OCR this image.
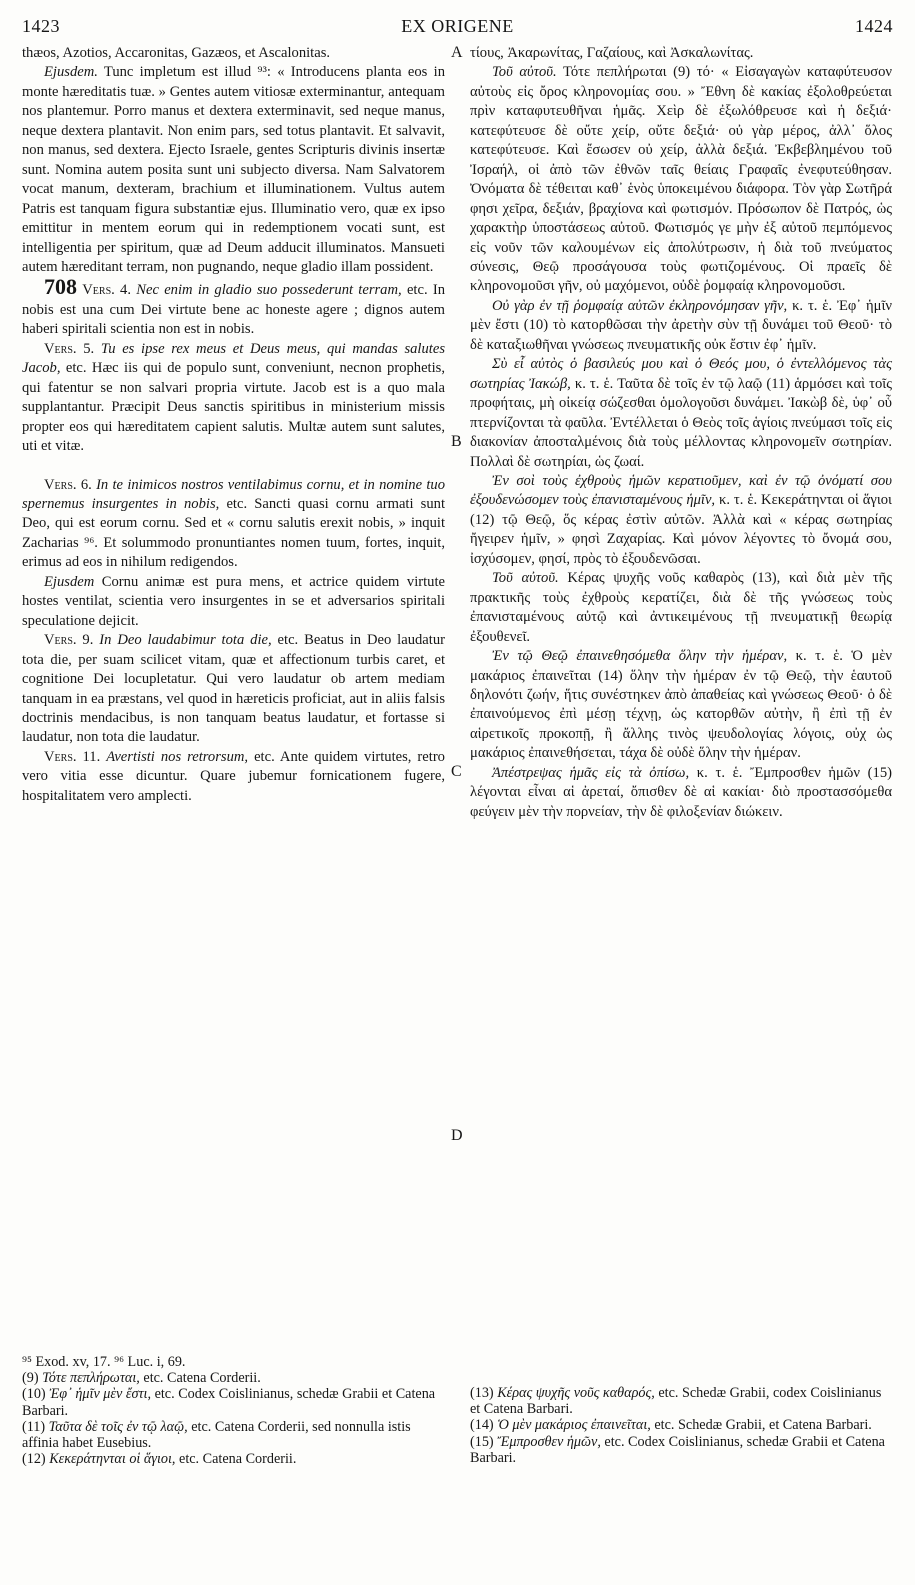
1423	EX ORIGENE	1424
A
B
C
D

thæos, Azotios, Accaronitas, Gazæos, et Ascalonitas.

Ejusdem. Tunc impletum est illud ⁹³: « Introducens planta eos in monte hæreditatis tuæ. » Gentes autem vitiosæ exterminantur, antequam nos plantemur. Porro manus et dextera exterminavit, sed neque manus, neque dextera plantavit. Non enim pars, sed totus plantavit. Et salvavit, non manus, sed dextera. Ejecto Israele, gentes Scripturis divinis insertæ sunt. Nomina autem posita sunt uni subjecto diversa. Nam Salvatorem vocat manum, dexteram, brachium et illuminationem. Vultus autem Patris est tanquam figura substantiæ ejus. Illuminatio vero, quæ ex ipso emittitur in mentem eorum qui in redemptionem vocati sunt, est intelligentia per spiritum, quæ ad Deum adducit illuminatos. Mansueti autem hæreditant terram, non pugnando, neque gladio illam possident.

708 Vers. 4. Nec enim in gladio suo possederunt terram, etc. In nobis est una cum Dei virtute bene ac honeste agere ; dignos autem haberi spiritali scientia non est in nobis.

Vers. 5. Tu es ipse rex meus et Deus meus, qui mandas salutes Jacob, etc. Hæc iis qui de populo sunt, conveniunt, necnon prophetis, qui fatentur se non salvari propria virtute. Jacob est is a quo mala supplantantur. Præcipit Deus sanctis spiritibus in ministerium missis propter eos qui hæreditatem capient salutis. Multæ autem sunt salutes, uti et vitæ.

Vers. 6. In te inimicos nostros ventilabimus cornu, et in nomine tuo spernemus insurgentes in nobis, etc. Sancti quasi cornu armati sunt Deo, qui est eorum cornu. Sed et « cornu salutis erexit nobis, » inquit Zacharias ⁹⁶. Et solummodo pronuntiantes nomen tuum, fortes, inquit, erimus ad eos in nihilum redigendos.

Ejusdem Cornu animæ est pura mens, et actrice quidem virtute hostes ventilat, scientia vero insurgentes in se et adversarios spiritali speculatione dejicit.

Vers. 9. In Deo laudabimur tota die, etc. Beatus in Deo laudatur tota die, per suam scilicet vitam, quæ et affectionum turbis caret, et cognitione Dei locupletatur. Qui vero laudatur ob artem mediam tanquam in ea præstans, vel quod in hæreticis proficiat, aut in aliis falsis doctrinis mendacibus, is non tanquam beatus laudatur, et fortasse si laudatur, non tota die laudatur.

Vers. 11. Avertisti nos retrorsum, etc. Ante quidem virtutes, retro vero vitia esse dicuntur. Quare jubemur fornicationem fugere, hospitalitatem vero amplecti.

⁹⁵ Exod. xv, 17. ⁹⁶ Luc. i, 69.

(9) Τότε πεπλήρωται, etc. Catena Corderii.

(10) Ἐφ᾽ ἡμῖν μὲν ἔστι, etc. Codex Coislinianus, schedæ Grabii et Catena Barbari.

(11) Ταῦτα δὲ τοῖς ἐν τῷ λαῷ, etc. Catena Corderii, sed nonnulla istis affinia habet Eusebius.

(12) Κεκεράτηνται οἱ ἅγιοι, etc. Catena Corderii.

τίους, Ἀκαρωνίτας, Γαζαίους, καὶ Ἀσκαλωνίτας.

Τοῦ αὐτοῦ. Τότε πεπλήρωται (9) τό· « Εἰσαγαγὼν καταφύτευσον αὐτοὺς εἰς ὄρος κληρονομίας σου. » Ἔθνη δὲ κακίας ἐξολοθρεύεται πρὶν καταφυτευθῆναι ἡμᾶς. Χεὶρ δὲ ἐξωλόθρευσε καὶ ἡ δεξιά· κατεφύτευσε δὲ οὔτε χείρ, οὔτε δεξιά· οὐ γὰρ μέρος, ἀλλ᾽ ὅλος κατεφύτευσε. Καὶ ἔσωσεν οὐ χείρ, ἀλλὰ δεξιά. Ἐκβεβλημένου τοῦ Ἰσραήλ, οἱ ἀπὸ τῶν ἐθνῶν ταῖς θείαις Γραφαῖς ἐνεφυτεύθησαν. Ὀνόματα δὲ τέθειται καθ᾽ ἑνὸς ὑποκειμένου διάφορα. Τὸν γὰρ Σωτῆρά φησι χεῖρα, δεξιάν, βραχίονα καὶ φωτισμόν. Πρόσωπον δὲ Πατρός, ὡς χαρακτὴρ ὑποστάσεως αὐτοῦ. Φωτισμός γε μὴν ἐξ αὐτοῦ πεμπόμενος εἰς νοῦν τῶν καλουμένων εἰς ἀπολύτρωσιν, ἡ διὰ τοῦ πνεύματος σύνεσις, Θεῷ προσάγουσα τοὺς φωτιζομένους. Οἱ πραεῖς δὲ κληρονομοῦσι γῆν, οὐ μαχόμενοι, οὐδὲ ῥομφαίᾳ κληρονομοῦσι.

Οὐ γὰρ ἐν τῇ ῥομφαίᾳ αὐτῶν ἐκληρονόμησαν γῆν, κ. τ. ἑ. Ἐφ᾽ ἡμῖν μὲν ἔστι (10) τὸ κατορθῶσαι τὴν ἀρετὴν σὺν τῇ δυνάμει τοῦ Θεοῦ· τὸ δὲ καταξιωθῆναι γνώσεως πνευματικῆς οὐκ ἔστιν ἐφ᾽ ἡμῖν.

Σὺ εἶ αὐτὸς ὁ βασιλεύς μου καὶ ὁ Θεός μου, ὁ ἐντελλόμενος τὰς σωτηρίας Ἰακώβ, κ. τ. ἑ. Ταῦτα δὲ τοῖς ἐν τῷ λαῷ (11) ἁρμόσει καὶ τοῖς προφήταις, μὴ οἰκείᾳ σώζεσθαι ὁμολογοῦσι δυνάμει. Ἰακὼβ δὲ, ὑφ᾽ οὗ πτερνίζονται τὰ φαῦλα. Ἐντέλλεται ὁ Θεὸς τοῖς ἁγίοις πνεύμασι τοῖς εἰς διακονίαν ἀποσταλμένοις διὰ τοὺς μέλλοντας κληρονομεῖν σωτηρίαν. Πολλαὶ δὲ σωτηρίαι, ὡς ζωαί.

Ἐν σοὶ τοὺς ἐχθροὺς ἡμῶν κερατιοῦμεν, καὶ ἐν τῷ ὀνόματί σου ἐξουδενώσομεν τοὺς ἐπανισταμένους ἡμῖν, κ. τ. ἑ. Κεκεράτηνται οἱ ἅγιοι (12) τῷ Θεῷ, ὅς κέρας ἐστὶν αὐτῶν. Ἀλλὰ καὶ « κέρας σωτηρίας ἤγειρεν ἡμῖν, » φησὶ Ζαχαρίας. Καὶ μόνον λέγοντες τὸ ὄνομά σου, ἰσχύσομεν, φησί, πρὸς τὸ ἐξουδενῶσαι.

Τοῦ αὐτοῦ. Κέρας ψυχῆς νοῦς καθαρὸς (13), καὶ διὰ μὲν τῆς πρακτικῆς τοὺς ἐχθροὺς κερατίζει, διὰ δὲ τῆς γνώσεως τοὺς ἐπανισταμένους αὐτῷ καὶ ἀντικειμένους τῇ πνευματικῇ θεωρίᾳ ἐξουθενεῖ.

Ἐν τῷ Θεῷ ἐπαινεθησόμεθα ὅλην τὴν ἡμέραν, κ. τ. ἑ. Ὁ μὲν μακάριος ἐπαινεῖται (14) ὅλην τὴν ἡμέραν ἐν τῷ Θεῷ, τὴν ἑαυτοῦ δηλονότι ζωήν, ἥτις συνέστηκεν ἀπὸ ἀπαθείας καὶ γνώσεως Θεοῦ· ὁ δὲ ἐπαινούμενος ἐπὶ μέσῃ τέχνῃ, ὡς κατορθῶν αὐτὴν, ἢ ἐπὶ τῇ ἐν αἱρετικοῖς προκοπῇ, ἢ ἄλλης τινὸς ψευδολογίας λόγοις, οὐχ ὡς μακάριος ἐπαινεθήσεται, τάχα δὲ οὐδὲ ὅλην τὴν ἡμέραν.

Ἀπέστρεψας ἡμᾶς εἰς τὰ ὀπίσω, κ. τ. ἑ. Ἔμπροσθεν ἡμῶν (15) λέγονται εἶναι αἱ ἀρεταί, ὄπισθεν δὲ αἱ κακίαι· διὸ προστασσόμεθα φεύγειν μὲν τὴν πορνείαν, τὴν δὲ φιλοξενίαν διώκειν.

(13) Κέρας ψυχῆς νοῦς καθαρός, etc. Schedæ Grabii, codex Coislinianus et Catena Barbari.

(14) Ὁ μὲν μακάριος ἐπαινεῖται, etc. Schedæ Grabii, et Catena Barbari.

(15) Ἔμπροσθεν ἡμῶν, etc. Codex Coislinianus, schedæ Grabii et Catena Barbari.
